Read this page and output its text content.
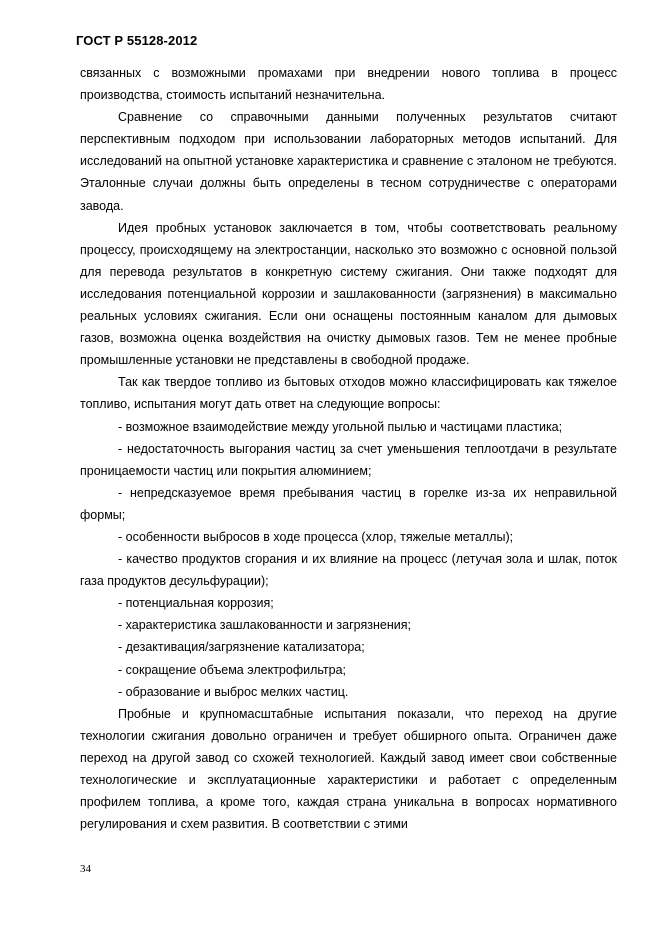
ГОСТ Р 55128-2012

связанных с возможными промахами при внедрении нового топлива в процесс производства, стоимость испытаний незначительна.

Сравнение со справочными данными полученных результатов считают перспективным подходом при использовании лабораторных методов испытаний. Для исследований на опытной установке характеристика и сравнение с эталоном не требуются. Эталонные случаи должны быть определены в тесном сотрудничестве с операторами завода.

Идея пробных установок заключается в том, чтобы соответствовать реальному процессу, происходящему на электростанции, насколько это возможно с основной пользой для перевода результатов в конкретную систему сжигания. Они также подходят для исследования потенциальной коррозии и зашлакованности (загрязнения) в максимально реальных условиях сжигания. Если они оснащены постоянным каналом для дымовых газов, возможна оценка воздействия на очистку дымовых газов. Тем не менее пробные промышленные установки не представлены в свободной продаже.

Так как твердое топливо из бытовых отходов можно классифицировать как тяжелое топливо, испытания могут дать ответ на следующие вопросы:

- возможное взаимодействие между угольной пылью и частицами пластика;

- недостаточность выгорания частиц за счет уменьшения теплоотдачи в результате проницаемости частиц или покрытия алюминием;

- непредсказуемое время пребывания частиц в горелке из-за их неправильной формы;

- особенности выбросов в ходе процесса (хлор, тяжелые металлы);

- качество продуктов сгорания и их влияние на процесс (летучая зола и шлак, поток газа продуктов десульфурации);

- потенциальная коррозия;

- характеристика зашлакованности и загрязнения;

- дезактивация/загрязнение катализатора;

- сокращение объема электрофильтра;

- образование и выброс мелких частиц.

Пробные и крупномасштабные испытания показали, что переход на другие технологии сжигания довольно ограничен и требует обширного опыта. Ограничен даже переход на другой завод со схожей технологией. Каждый завод имеет свои собственные технологические и эксплуатационные характеристики и работает с определенным профилем топлива, а кроме того, каждая страна уникальна в вопросах нормативного регулирования и схем развития. В соответствии с этими

34
